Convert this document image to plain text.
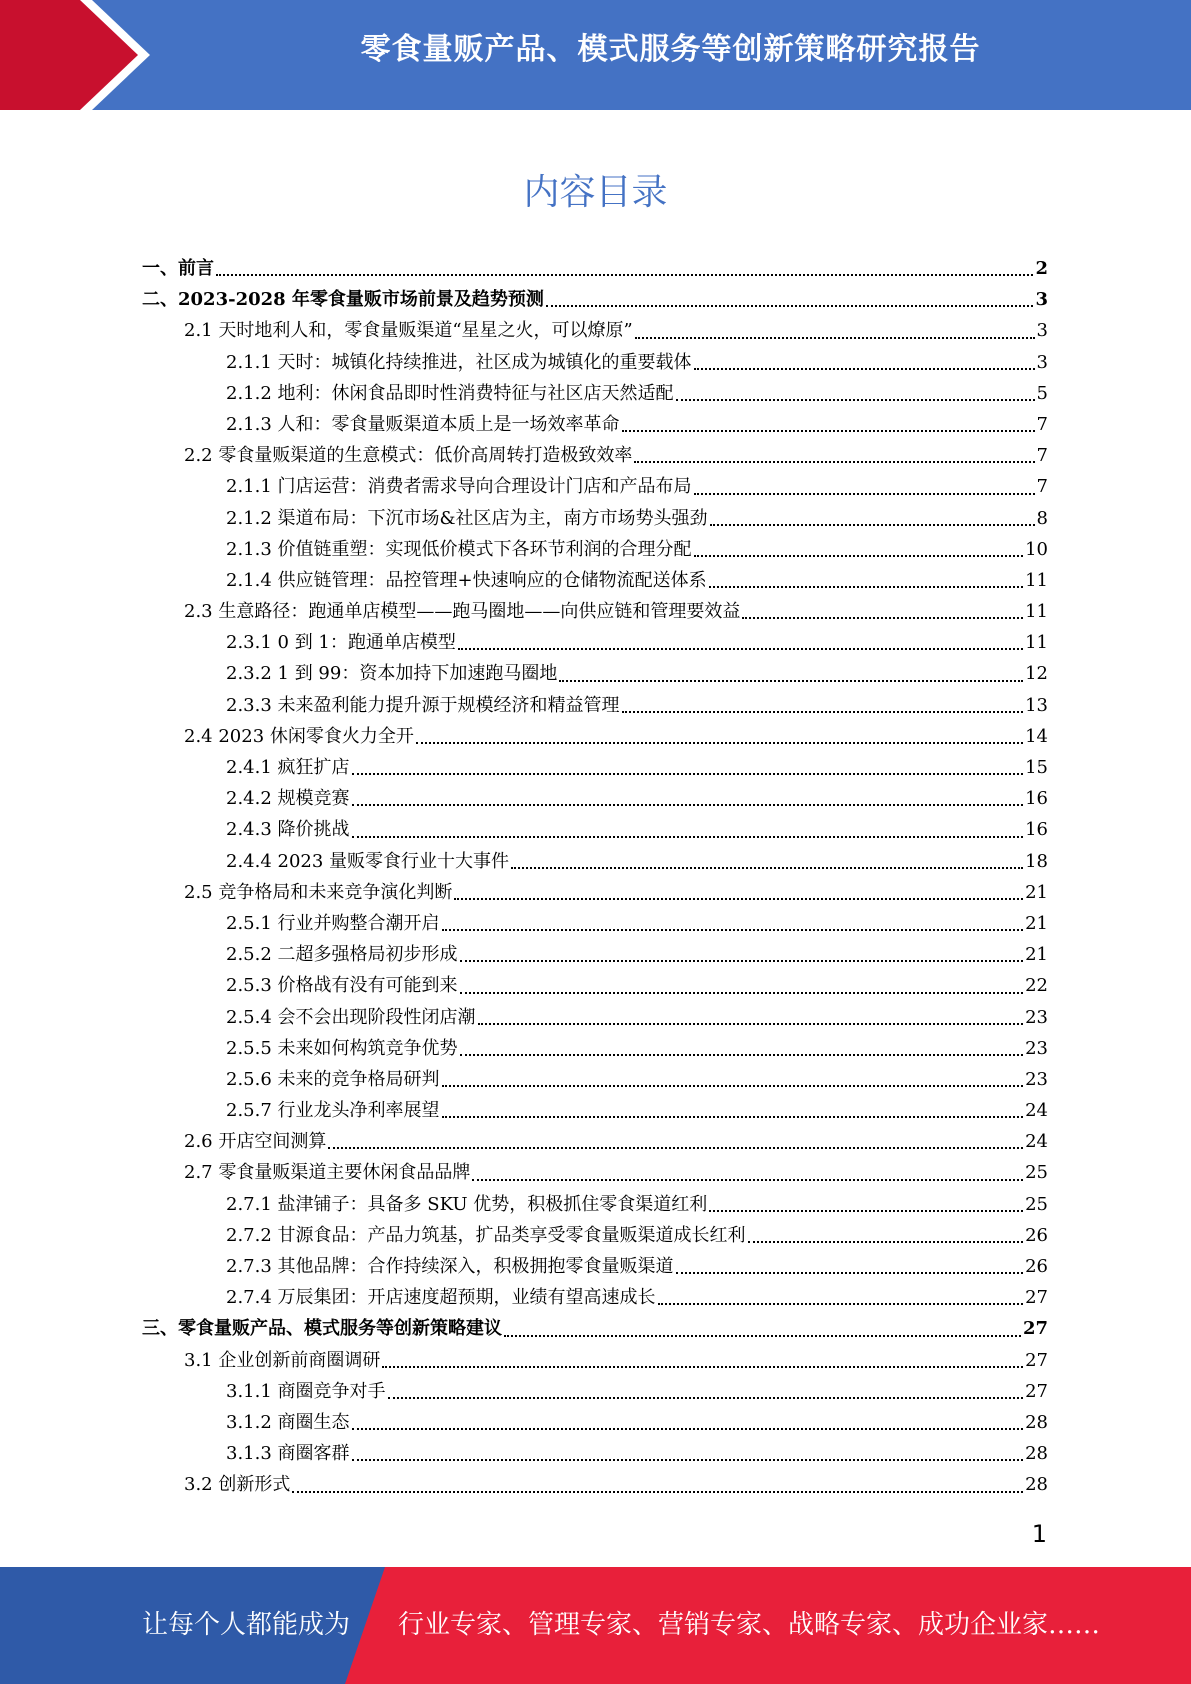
零食量贩产品、模式服务等创新策略研究报告
内容目录
一、前言	2
二、2023-2028 年零食量贩市场前景及趋势预测	3
2.1 天时地利人和，零食量贩渠道“星星之火，可以燎原”	3
2.1.1 天时：城镇化持续推进，社区成为城镇化的重要载体	3
2.1.2 地利：休闲食品即时性消费特征与社区店天然适配	5
2.1.3 人和：零食量贩渠道本质上是一场效率革命	7
2.2 零食量贩渠道的生意模式：低价高周转打造极致效率	7
2.1.1 门店运营：消费者需求导向合理设计门店和产品布局	7
2.1.2 渠道布局：下沉市场&社区店为主，南方市场势头强劲	8
2.1.3 价值链重塑：实现低价模式下各环节利润的合理分配	10
2.1.4 供应链管理：品控管理+快速响应的仓储物流配送体系	11
2.3 生意路径：跑通单店模型——跑马圈地——向供应链和管理要效益	11
2.3.1 0 到 1：跑通单店模型	11
2.3.2 1 到 99：资本加持下加速跑马圈地	12
2.3.3 未来盈利能力提升源于规模经济和精益管理	13
2.4 2023 休闲零食火力全开	14
2.4.1 疯狂扩店	15
2.4.2 规模竞赛	16
2.4.3 降价挑战	16
2.4.4 2023 量贩零食行业十大事件	18
2.5 竞争格局和未来竞争演化判断	21
2.5.1 行业并购整合潮开启	21
2.5.2 二超多强格局初步形成	21
2.5.3 价格战有没有可能到来	22
2.5.4 会不会出现阶段性闭店潮	23
2.5.5 未来如何构筑竞争优势	23
2.5.6 未来的竞争格局研判	23
2.5.7 行业龙头净利率展望	24
2.6 开店空间测算	24
2.7 零食量贩渠道主要休闲食品品牌	25
2.7.1 盐津铺子：具备多 SKU 优势，积极抓住零食渠道红利	25
2.7.2 甘源食品：产品力筑基，扩品类享受零食量贩渠道成长红利	26
2.7.3 其他品牌：合作持续深入，积极拥抱零食量贩渠道	26
2.7.4 万辰集团：开店速度超预期，业绩有望高速成长	27
三、零食量贩产品、模式服务等创新策略建议	27
3.1 企业创新前商圈调研	27
3.1.1 商圈竞争对手	27
3.1.2 商圈生态	28
3.1.3 商圈客群	28
3.2 创新形式	28
1
让每个人都能成为 行业专家、管理专家、营销专家、战略专家、成功企业家……
